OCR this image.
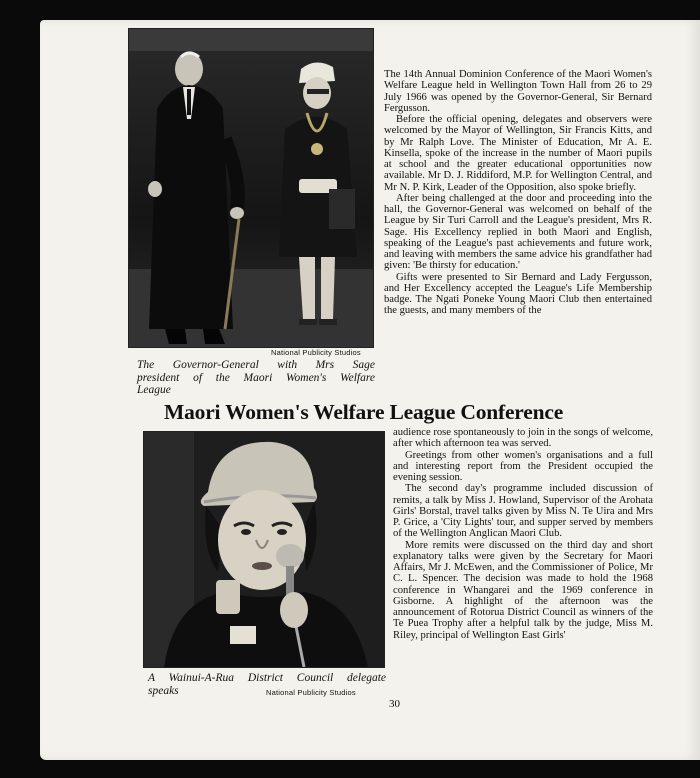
National Publicity Studios
The Governor-General with Mrs Sage
president of the Maori Women's Welfare
League

The 14th Annual Dominion Conference of the Maori Women's Welfare League held in Wellington Town Hall from 26 to 29 July 1966 was opened by the Governor-General, Sir Bernard Fergusson.

Before the official opening, delegates and observers were welcomed by the Mayor of Wellington, Sir Francis Kitts, and by Mr Ralph Love. The Minister of Education, Mr A. E. Kinsella, spoke of the increase in the number of Maori pupils at school and the greater educational opportunities now available. Mr D. J. Riddiford, M.P. for Wellington Central, and Mr N. P. Kirk, Leader of the Opposition, also spoke briefly.

After being challenged at the door and proceeding into the hall, the Governor-General was welcomed on behalf of the League by Sir Turi Carroll and the League's president, Mrs R. Sage. His Excellency replied in both Maori and English, speaking of the League's past achievements and future work, and leaving with members the same advice his grandfather had given: 'Be thirsty for education.'

Gifts were presented to Sir Bernard and Lady Fergusson, and Her Excellency accepted the League's Life Membership badge. The Ngati Poneke Young Maori Club then entertained the guests, and many members of the

Maori Women's Welfare League Conference
A Wainui-A-Rua District Council delegate
speaks	National Publicity Studios

audience rose spontaneously to join in the songs of welcome, after which afternoon tea was served.

Greetings from other women's organisations and a full and interesting report from the President occupied the evening session.

The second day's programme included discussion of remits, a talk by Miss J. Howland, Supervisor of the Arohata Girls' Borstal, travel talks given by Miss N. Te Uira and Mrs P. Grice, a 'City Lights' tour, and supper served by members of the Wellington Anglican Maori Club.

More remits were discussed on the third day and short explanatory talks were given by the Secretary for Maori Affairs, Mr J. McEwen, and the Commissioner of Police, Mr C. L. Spencer. The decision was made to hold the 1968 conference in Whangarei and the 1969 conference in Gisborne. A highlight of the afternoon was the announcement of Rotorua District Council as winners of the Te Puea Trophy after a helpful talk by the judge, Miss M. Riley, principal of Wellington East Girls'

30
